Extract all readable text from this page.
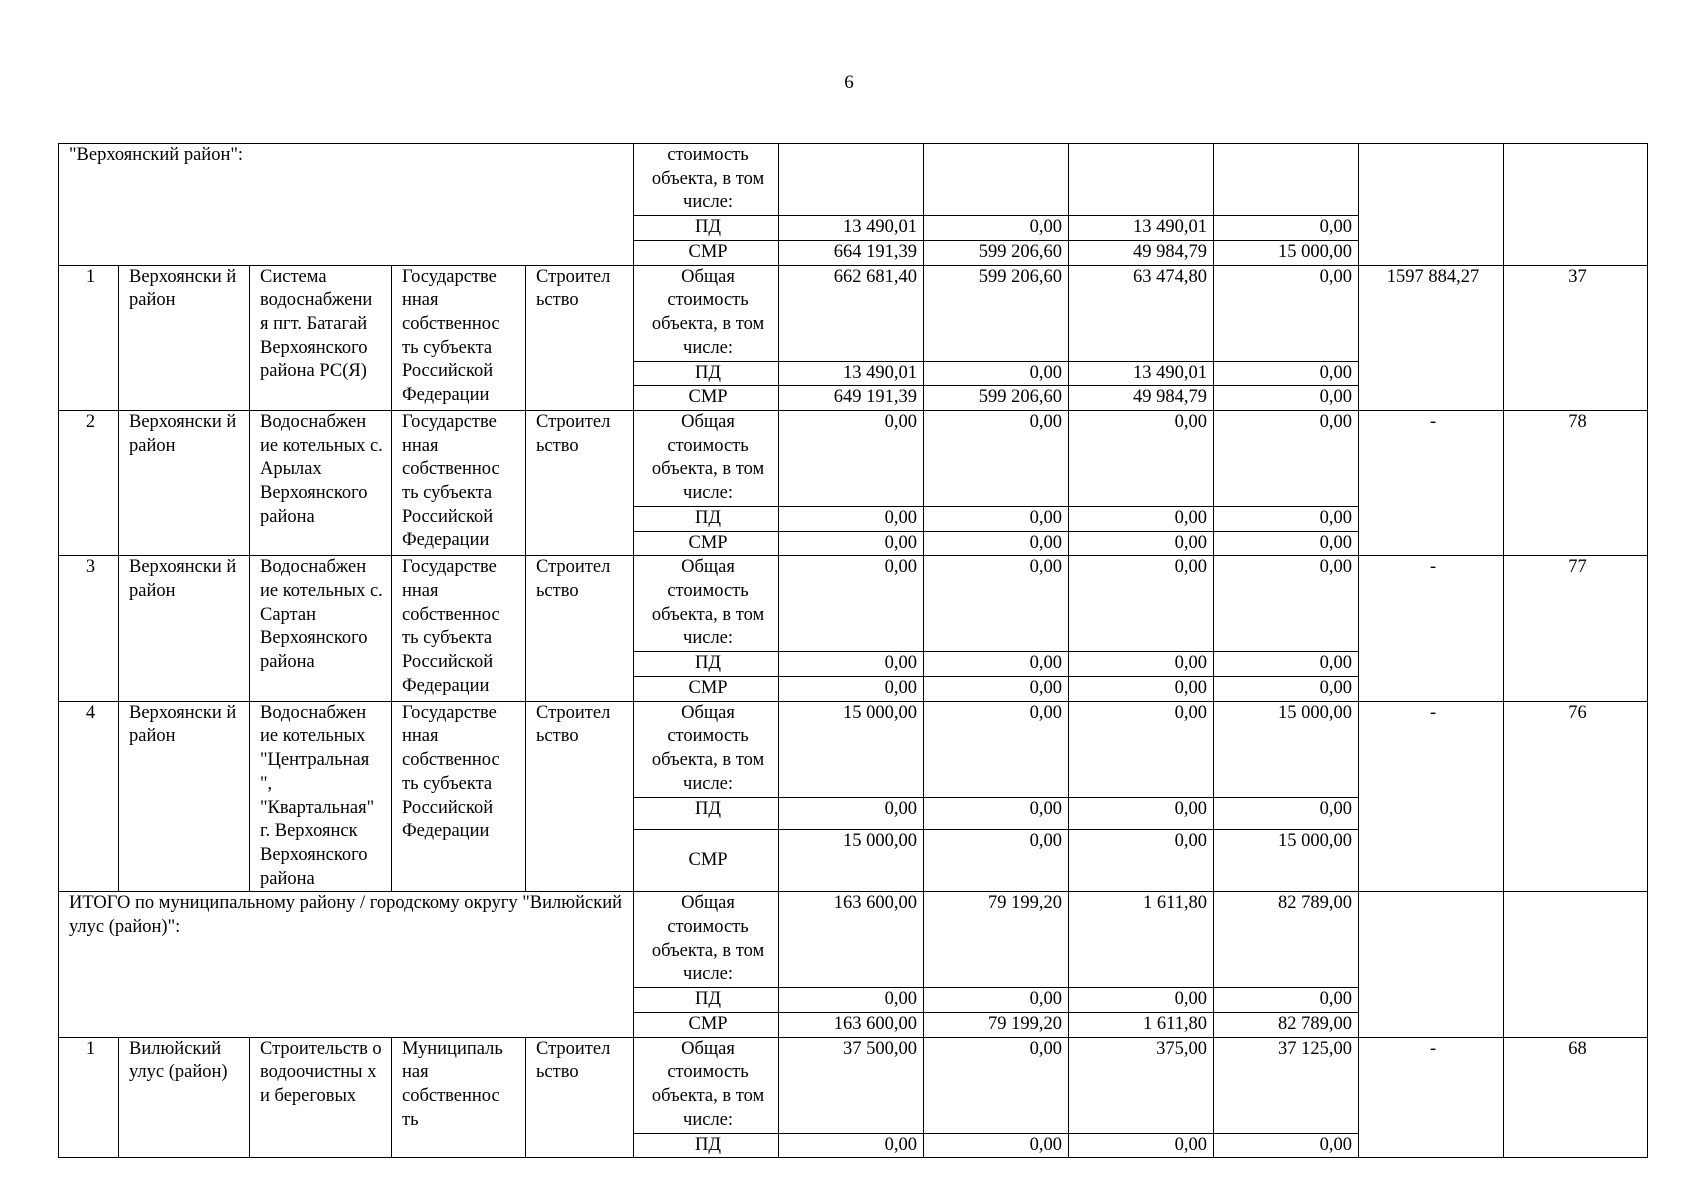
6
"Верхоянский район":					стоимость объекта, в том числе:						
					ПД	13 490,01	0,00	13 490,01	0,00		
					СМР	664 191,39	599 206,60	49 984,79	15 000,00		
1	Верхоянски й район	Система водоснабжени я пгт. Батагай Верхоянского района РС(Я)	Государстве нная собственнос ть субъекта Российской Федерации	Строител ьство	Общая стоимость объекта, в том числе:	662 681,40	599 206,60	63 474,80	0,00	1597 884,27	37
					ПД	13 490,01	0,00	13 490,01	0,00		
					СМР	649 191,39	599 206,60	49 984,79	0,00		
2	Верхоянски й район	Водоснабжен ие котельных с. Арылах Верхоянского района	Государстве нная собственнос ть субъекта Российской Федерации	Строител ьство	Общая стоимость объекта, в том числе:	0,00	0,00	0,00	0,00	-	78
					ПД	0,00	0,00	0,00	0,00		
					СМР	0,00	0,00	0,00	0,00		
3	Верхоянски й район	Водоснабжен ие котельных с. Сартан Верхоянского района	Государстве нная собственнос ть субъекта Российской Федерации	Строител ьство	Общая стоимость объекта, в том числе:	0,00	0,00	0,00	0,00	-	77
					ПД	0,00	0,00	0,00	0,00		
					СМР	0,00	0,00	0,00	0,00		
4	Верхоянски й район	Водоснабжен ие котельных "Центральная ", "Квартальная" г. Верхоянск Верхоянского района	Государстве нная собственнос ть субъекта Российской Федерации	Строител ьство	Общая стоимость объекта, в том числе:	15 000,00	0,00	0,00	15 000,00	-	76
					ПД	0,00	0,00	0,00	0,00		
					СМР	15 000,00	0,00	0,00	15 000,00		
ИТОГО по муниципальному району / городскому округу "Вилюйский улус (район)":					Общая стоимость объекта, в том числе:	163 600,00	79 199,20	1 611,80	82 789,00		
					ПД	0,00	0,00	0,00	0,00		
					СМР	163 600,00	79 199,20	1 611,80	82 789,00		
1	Вилюйский улус (район)	Строительств о водоочистны х и береговых	Муниципаль ная собственнос ть	Строител ьство	Общая стоимость объекта, в том числе:	37 500,00	0,00	375,00	37 125,00	-	68
					ПД	0,00	0,00	0,00	0,00		
